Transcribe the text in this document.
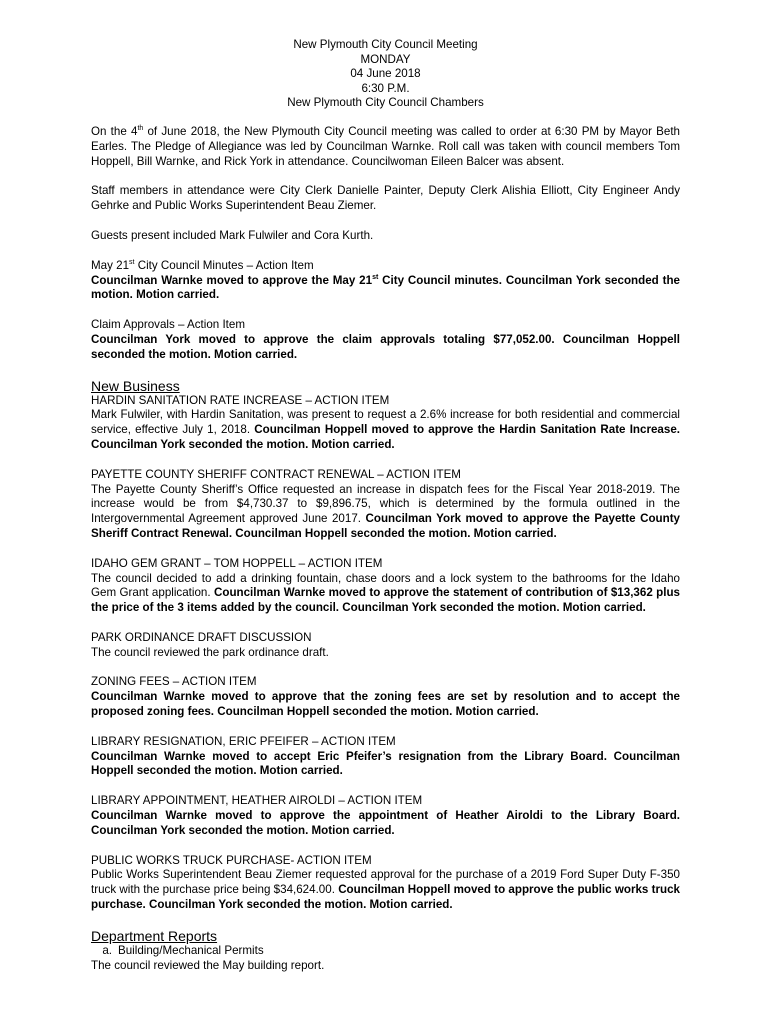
New Plymouth City Council Meeting
MONDAY
04 June 2018
6:30 P.M.
New Plymouth City Council Chambers

On the 4th of June 2018, the New Plymouth City Council meeting was called to order at 6:30 PM by Mayor Beth Earles. The Pledge of Allegiance was led by Councilman Warnke. Roll call was taken with council members Tom Hoppell, Bill Warnke, and Rick York in attendance. Councilwoman Eileen Balcer was absent.

Staff members in attendance were City Clerk Danielle Painter, Deputy Clerk Alishia Elliott, City Engineer Andy Gehrke and Public Works Superintendent Beau Ziemer.

Guests present included Mark Fulwiler and Cora Kurth.

May 21st City Council Minutes – Action Item
Councilman Warnke moved to approve the May 21st City Council minutes. Councilman York seconded the motion. Motion carried.

Claim Approvals – Action Item
Councilman York moved to approve the claim approvals totaling $77,052.00. Councilman Hoppell seconded the motion. Motion carried.

New Business

HARDIN SANITATION RATE INCREASE – ACTION ITEM
Mark Fulwiler, with Hardin Sanitation, was present to request a 2.6% increase for both residential and commercial service, effective July 1, 2018. Councilman Hoppell moved to approve the Hardin Sanitation Rate Increase. Councilman York seconded the motion. Motion carried.

PAYETTE COUNTY SHERIFF CONTRACT RENEWAL – ACTION ITEM
The Payette County Sheriff’s Office requested an increase in dispatch fees for the Fiscal Year 2018-2019. The increase would be from $4,730.37 to $9,896.75, which is determined by the formula outlined in the Intergovernmental Agreement approved June 2017. Councilman York moved to approve the Payette County Sheriff Contract Renewal. Councilman Hoppell seconded the motion. Motion carried.

IDAHO GEM GRANT – TOM HOPPELL – ACTION ITEM
The council decided to add a drinking fountain, chase doors and a lock system to the bathrooms for the Idaho Gem Grant application. Councilman Warnke moved to approve the statement of contribution of $13,362 plus the price of the 3 items added by the council. Councilman York seconded the motion. Motion carried.

PARK ORDINANCE DRAFT DISCUSSION
The council reviewed the park ordinance draft.

ZONING FEES – ACTION ITEM
Councilman Warnke moved to approve that the zoning fees are set by resolution and to accept the proposed zoning fees. Councilman Hoppell seconded the motion. Motion carried.

LIBRARY RESIGNATION, ERIC PFEIFER – ACTION ITEM
Councilman Warnke moved to accept Eric Pfeifer’s resignation from the Library Board. Councilman Hoppell seconded the motion. Motion carried.

LIBRARY APPOINTMENT, HEATHER AIROLDI – ACTION ITEM
Councilman Warnke moved to approve the appointment of Heather Airoldi to the Library Board. Councilman York seconded the motion. Motion carried.

PUBLIC WORKS TRUCK PURCHASE- ACTION ITEM
Public Works Superintendent Beau Ziemer requested approval for the purchase of a 2019 Ford Super Duty F-350 truck with the purchase price being $34,624.00. Councilman Hoppell moved to approve the public works truck purchase. Councilman York seconded the motion. Motion carried.

Department Reports
a. Building/Mechanical Permits

The council reviewed the May building report.
